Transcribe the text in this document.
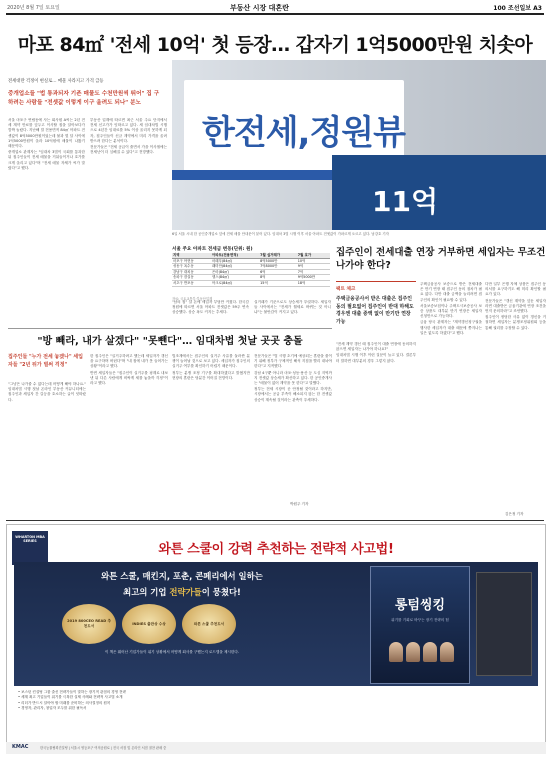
2020년 8월 7일 토요일	부동산 시장 대혼란	100 조선일보 A3
마포 84㎡ '전세 10억' 첫 등장… 갑자기 1억5000만원 치솟아
전세대란 걱정이 현실로… 매물 사라지고 가격 급등
중개업소들 "법 통과되자 기존 매물도 수천만원씩 뛰어" 집 구하려는 사람들 "전셋값 이렇게 이구 올려도 되나" 분노

서울 마포구 연립동에 사는 회사원 A씨는 2년 전세 계약 만료를 앞두고 이사할 집을 알아보다가 깜짝 놀랐다. 지난해 말 전용면적 84㎡ 아파트 전셋값이 8억5000만원이었는데 불과 몇 달 사이에 1억5000만원이 올라 10억원에 매물이 나왔기 때문이다.

중개업소 관계자는 "임대차 3법이 국회를 통과한 뒤 집주인들이 전세 매물을 거둬들이거나 호가를 크게 올리고 있다"며 "전세 매물 자체가 씨가 말랐다"고 했다.

부동산 업계에 따르면 최근 서울 주요 단지에서 전세 신고가가 잇따르고 있다. 새 임대차법 시행으로 4년간 임대료를 5% 이상 올리지 못하게 되자, 집주인들이 신규 계약에서 미리 가격을 올려 받으려 한다는 분석이다.

전문가들은 "전세 공급이 줄면서 가을 이사철에는 전세난이 더 심해질 수 있다"고 전망했다.	한전세,정원뷰
11억
6일 서울 시내 한 공인중개업소 앞에 전세 매물 안내문이 붙어 있다. 임대차 3법 시행 이후 서울 아파트 전셋값이 가파르게 오르고 있다. 남강호 기자
서울 주요 아파트 전세금 변동(단위: 원)
지역	아파트(전용면적)	7월 실거래가	7월 호가
마포구 아현동	마래푸(84㎡)	8억5000만	10억
성동구 옥수동	래미안(84㎡)	7억8000만	9억
강남구 대치동	은마(84㎡)	6억	7억
송파구 잠실동	엘스(84㎡)	8억	9억5000만
서초구 반포동	아크로(84㎡)	15억	18억
자료: 국토교통부·부동산업계
집주인이 전세대출 연장 거부하면 세입자는 무조건 나가야 한다?
팩트 체크
주택금융공사서 받은 대출은 집주인 동의 필요없어 집주인이 반대 하해도 경우엔 대출 증액 없이 만기만 연장 가능

"전세 계약 갱신 때 집주인이 대출 연장에 동의하지 않으면 세입자는 나가야 하나요?"

임대차법 시행 이후 이런 질문이 늘고 있다. 결론부터 말하면 대부분의 경우 그렇지 않다.

주택금융공사 보증으로 받은 전세대출은 만기 연장 때 집주인 동의 절차가 필요 없다. 다만 대출 금액을 늘리려면 집주인의 확인이 필요할 수 있다.

서울보증보험이나 주택도시보증공사 보증 상품도 대부분 만기 연장은 세입자 신청만으로 가능하다.

금융 당국 관계자는 "계약갱신청구권을 행사한 세입자가 대출 때문에 쫓겨나는 일은 없도록 하겠다"고 했다.

다만 일부 은행 자체 상품은 집주인 동의서를 요구하기도 해 미리 확인할 필요가 있다.

전문가들은 "갱신 계약을 앞둔 세입자라면 대출받은 금융기관에 연장 조건을 먼저 문의하라"고 조언했다.

집주인이 정당한 사유 없이 갱신을 거절하면 세입자는 분쟁조정위원회 등을 통해 권리를 주장할 수 있다.

김은정 기자

"남의 집" 살 돈에 세입자 부담만 커졌다. 한국감정원에 따르면 서울 아파트 전셋값은 59주 연속 상승했다. 상승 폭도 커지는 추세다.

실거래가 기준으로도 상승세가 뚜렷하다. 세입자들 사이에서는 "전세가 월세로 바뀌는 것 아니냐"는 불안감이 커지고 있다.

"방 빼라, 내가 살겠다" "못뺀다"… 임대차법 첫날 곳곳 충돌
집주인들 "누가 전세 놓겠나" 세입자들 "2년 뒤가 벌써 걱정"

"그냥은 나가줄 수 없다는데 어떻게 해야 하나요." 임대차법 시행 첫날 온라인 부동산 커뮤니티에는 집주인과 세입자 간 갈등을 호소하는 글이 잇따랐다.

한 집주인은 "실거주하려고 했는데 세입자가 갱신을 요구하며 버틴다"며 "내 집에 내가 못 들어가는 상황"이라고 했다.

반면 세입자들은 "집주인이 실거주를 핑계로 내보낸 뒤 다른 사람에게 비싸게 세를 놓을까 걱정"이라고 했다.

법조계에서는 집주인의 실거주 사유를 둘러싼 분쟁이 늘어날 것으로 보고 있다. 세입자가 집주인의 실거주 여부를 확인하기 어렵기 때문이다.

정부는 분쟁 조정 기구를 확대하겠다고 밝혔지만 현장의 혼란은 당분간 이어질 전망이다.

전문가들은 "법 시행 초기에 예상되는 혼란을 줄이기 위해 정부가 구체적인 해석 지침을 빨리 내놔야 한다"고 지적했다.

강남 4구뿐 아니라 마포·성동·용산 등 도심 지역까지 전셋값 상승세가 확산하고 있다. 한 공인중개사는 "매물이 없어 계약을 못 한다"고 말했다.

정부는 전세 시장이 곧 안정될 것이라고 하지만, 시장에서는 공급 부족이 해소되지 않는 한 전셋값 상승이 계속될 것이라는 관측이 우세하다.

박원주 기자
WHARTON MBA SERIES
와튼 스쿨이 강력 추천하는 전략적 사고법!
와튼 스쿨, 매킨지, 포춘, 콘페리에서 일하는
최고의 기업 전략가들이 뭉쳤다!
2019 800CEO READ 추천도서
INDIES 출판상 수상	와튼 스쿨 추천도서
이 책은 뛰어난 기업가들이 위기 상황에서 어떻게 회사를 구했는지 로드맵을 제시한다.
롱텀씽킹
위기를 기회로 바꾸는 장기 전략의 힘
• 보스턴 컨설팅 그룹 출신 전략가들이 말하는 장기적 관점의 경영 전략
• 세계 최고 기업들이 위기를 극복한 실제 사례와 전략적 사고법 소개
• 리더가 반드시 알아야 할 미래를 준비하는 의사결정의 원칙
• 경영자, 관리자, 창업자 모두를 위한 필독서
KMAC	한국능률협회컨설팅 | 서울시 영등포구 여의공원로 | 전국 서점 및 온라인 서점 절찬 판매 중
